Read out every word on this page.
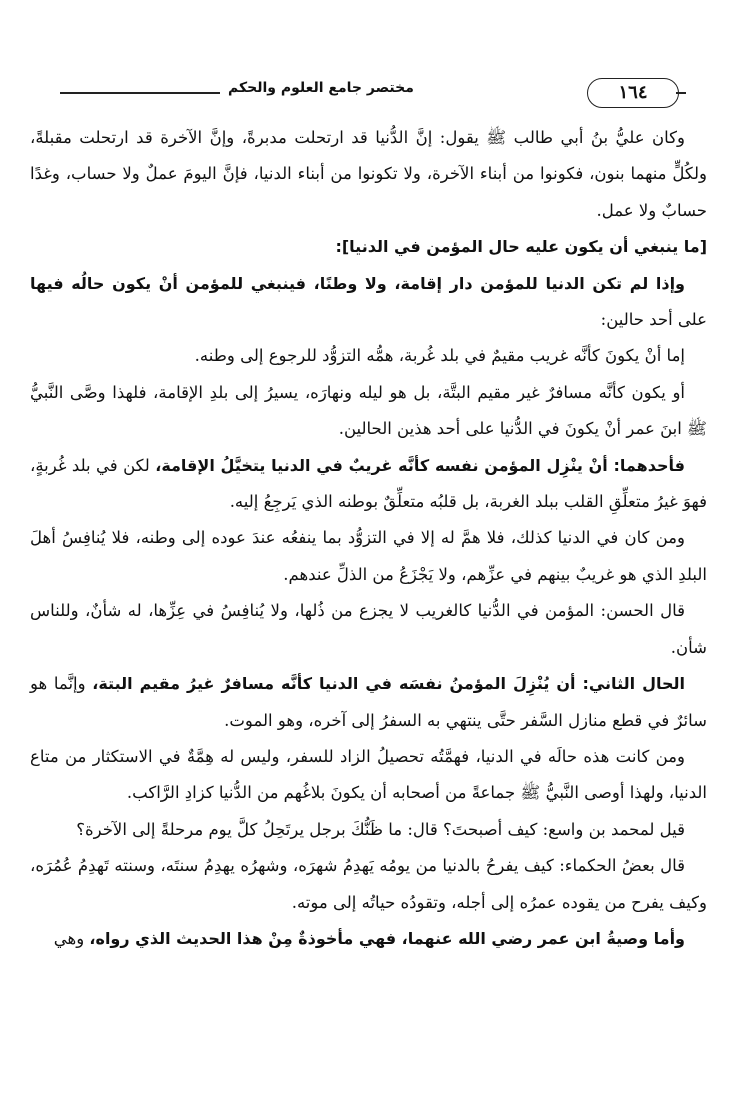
١٦٤
مختصر جامع العلوم والحكم

وكان عليُّ بنُ أبي طالب ﷺ يقول: إنَّ الدُّنيا قد ارتحلت مدبرةً، وإنَّ الآخرة قد ارتحلت مقبلةً، ولكُلٍّ منهما بنون، فكونوا من أبناء الآخرة، ولا تكونوا من أبناء الدنيا، فإنَّ اليومَ عملٌ ولا حساب، وغدًا حسابٌ ولا عمل.

[ما ينبغي أن يكون عليه حال المؤمن في الدنيا]:

وإذا لم تكن الدنيا للمؤمن دار إقامة، ولا وطنًا، فينبغي للمؤمن أنْ يكون حالُه فيها على أحد حالين:

إما أنْ يكونَ كأنَّه غريب مقيمٌ في بلد غُربة، همُّه التزوُّد للرجوع إلى وطنه.

أو يكون كأنَّه مسافرٌ غير مقيم البتَّة، بل هو ليله ونهارَه، يسيرُ إلى بلدِ الإقامة، فلهذا وصَّى النَّبيُّ ﷺ ابنَ عمر أنْ يكونَ في الدُّنيا على أحد هذين الحالين.

فأحدهما: أنْ ينْزِل المؤمن نفسه كأنَّه غريبٌ في الدنيا يتخيَّلُ الإقامة، لكن في بلد غُربةٍ، فهوَ غيرُ متعلِّقِ القلب ببلد الغربة، بل قلبُه متعلِّقٌ بوطنه الذي يَرجِعُ إليه.

ومن كان في الدنيا كذلك، فلا همَّ له إلا في التزوُّد بما ينفعُه عندَ عوده إلى وطنه، فلا يُنافِسُ أهلَ البلدِ الذي هو غريبٌ بينهم في عزِّهم، ولا يَجْزَعُ من الذلِّ عندهم.

قال الحسن: المؤمن في الدُّنيا كالغريب لا يجزع من ذُلها، ولا يُنافِسُ في عِزِّها، له شأنٌ، وللناس شأن.

الحال الثاني: أن يُنْزِلَ المؤمنُ نفسَه في الدنيا كأنَّه مسافرٌ غيرُ مقيم البتة، وإنَّما هو سائرٌ في قطع منازل السَّفر حتَّى ينتهي به السفرُ إلى آخره، وهو الموت.

ومن كانت هذه حالَه في الدنيا، فهمَّتُه تحصيلُ الزاد للسفر، وليس له هِمَّةٌ في الاستكثار من متاع الدنيا، ولهذا أوصى النَّبيُّ ﷺ جماعةً من أصحابه أن يكونَ بلاغُهم من الدُّنيا كزادِ الرَّاكب.

قيل لمحمد بن واسع: كيف أصبحتَ؟ قال: ما ظَنُّكَ برجل يرتَحِلُ كلَّ يوم مرحلةً إلى الآخرة؟

قال بعضُ الحكماء: كيف يفرحُ بالدنيا من يومُه يَهدِمُ شهرَه، وشهرُه يهدِمُ سنتَه، وسنته تَهدِمُ عُمُرَه، وكيف يفرح من يقوده عمرُه إلى أجله، وتقودُه حياتُه إلى موته.

وأما وصيةُ ابن عمر رضي الله عنهما، فهي مأخوذةٌ مِنْ هذا الحديث الذي رواه، وهي
